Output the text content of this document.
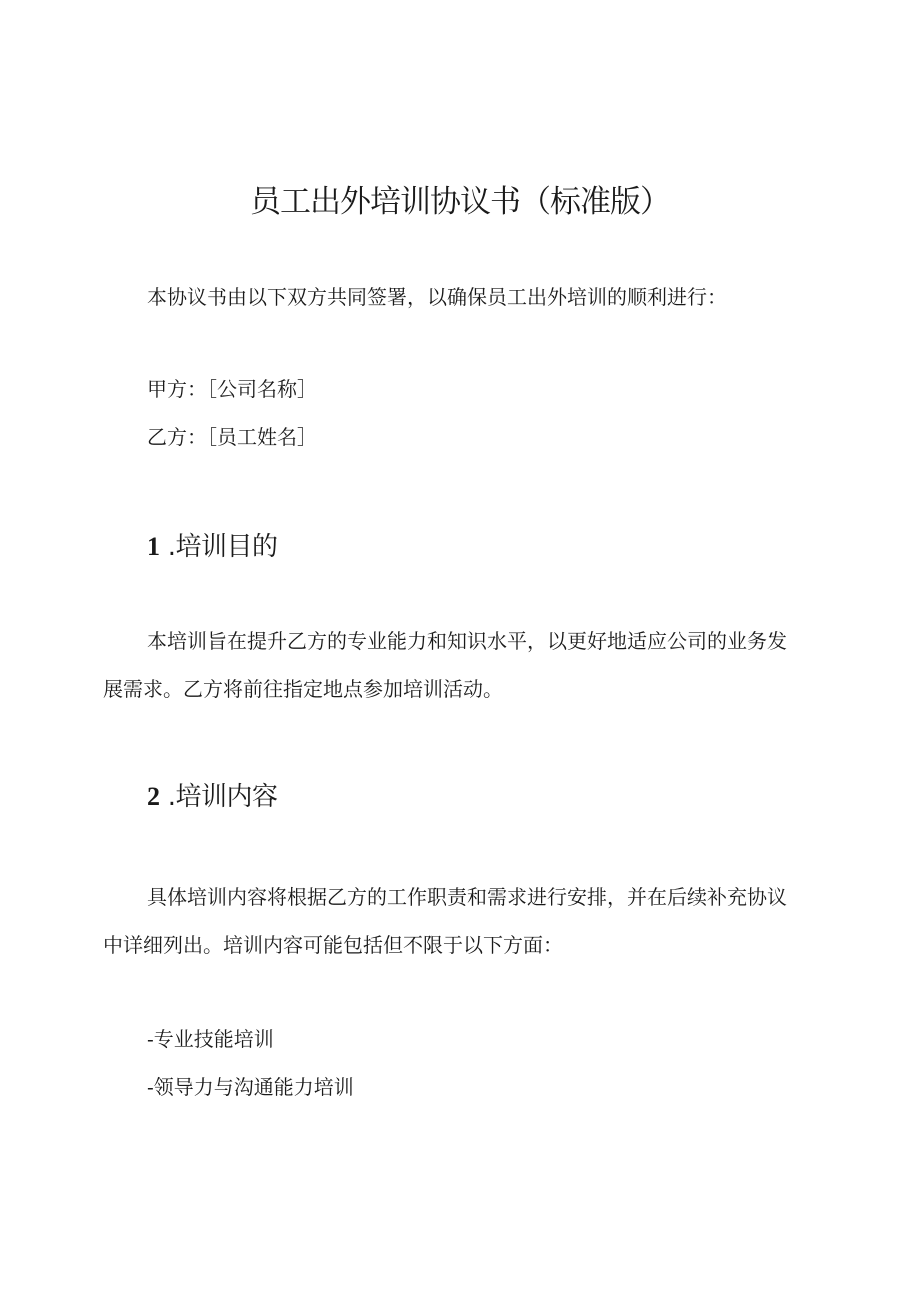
员工出外培训协议书（标准版）
本协议书由以下双方共同签署，以确保员工出外培训的顺利进行：
甲方：［公司名称］
乙方：［员工姓名］
1 .培训目的

本培训旨在提升乙方的专业能力和知识水平，以更好地适应公司的业务发展需求。乙方将前往指定地点参加培训活动。

2 .培训内容

具体培训内容将根据乙方的工作职责和需求进行安排，并在后续补充协议中详细列出。培训内容可能包括但不限于以下方面：

-专业技能培训
-领导力与沟通能力培训
